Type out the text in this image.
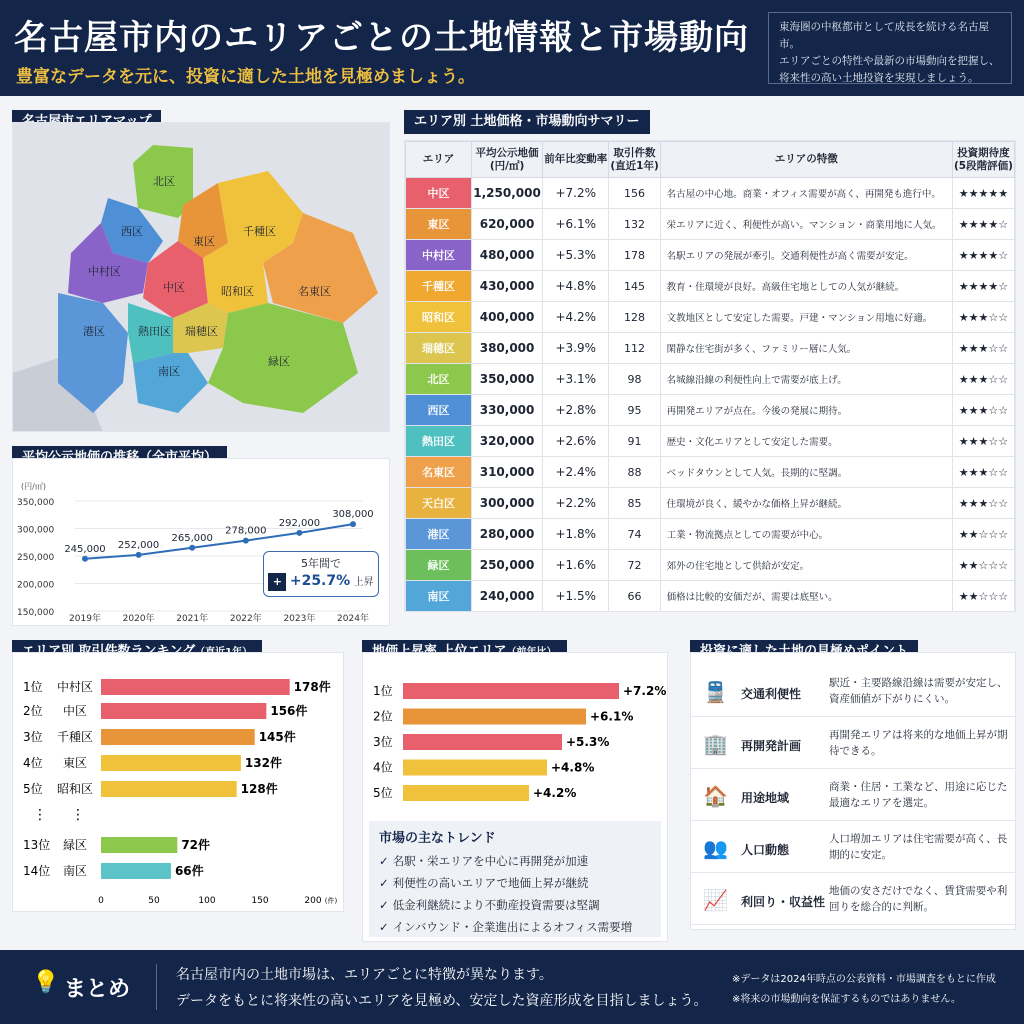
名古屋市内のエリアごとの土地情報と市場動向
豊富なデータを元に、投資に適した土地を見極めましょう。
東海圏の中枢都市として成長を続ける名古屋市。
エリアごとの特性や最新の市場動向を把握し、
将来性の高い土地投資を実現しましょう。
北区
西区
東区
千種区
中村区
中区	昭和区	名東区
港区	熱田区 瑞穂区
南区
緑区
(円/㎡)
150,000
200,000
250,000
300,000
350,000
245,000
2019年
252,000
2020年
265,000
2021年
278,000
2022年
292,000
2023年
308,000
2024年
5年間で
+ +25.7% 上昇
エリア別 土地価格・市場動向サマリー
エリア	平均公示地価
(円/㎡)	前年比変動率	取引件数
(直近1年)	エリアの特徴	投資期待度
(5段階評価)
中区	1,250,000	+7.2%	156	名古屋の中心地。商業・オフィス需要が高く、再開発も進行中。	★★★★★
東区	620,000	+6.1%	132	栄エリアに近く、利便性が高い。マンション・商業用地に人気。	★★★★☆
中村区	480,000	+5.3%	178	名駅エリアの発展が牽引。交通利便性が高く需要が安定。	★★★★☆
千種区	430,000	+4.8%	145	教育・住環境が良好。高級住宅地としての人気が継続。	★★★★☆
昭和区	400,000	+4.2%	128	文教地区として安定した需要。戸建・マンション用地に好適。	★★★☆☆
瑞穂区	380,000	+3.9%	112	閑静な住宅街が多く、ファミリー層に人気。	★★★☆☆
北区	350,000	+3.1%	98	名城線沿線の利便性向上で需要が底上げ。	★★★☆☆
西区	330,000	+2.8%	95	再開発エリアが点在。今後の発展に期待。	★★★☆☆
熱田区	320,000	+2.6%	91	歴史・文化エリアとして安定した需要。	★★★☆☆
名東区	310,000	+2.4%	88	ベッドタウンとして人気。長期的に堅調。	★★★☆☆
天白区	300,000	+2.2%	85	住環境が良く、緩やかな価格上昇が継続。	★★★☆☆
港区	280,000	+1.8%	74	工業・物流拠点としての需要が中心。	★★☆☆☆
緑区	250,000	+1.6%	72	郊外の住宅地として供給が安定。	★★☆☆☆
南区	240,000	+1.5%	66	価格は比較的安価だが、需要は底堅い。	★★☆☆☆
1位 中村区	178件
2位 中区	156件
3位 千種区	145件
4位 東区	132件
5位 昭和区	128件
13位 緑区	72件
14位 南区	66件
⋮ ⋮
0	50	100	150	200 (件)
1位	+7.2%
2位	+6.1%
3位	+5.3%
4位	+4.8%
5位	+4.2%
市場の主なトレンド
✓ 名駅・栄エリアを中心に再開発が加速
✓ 利便性の高いエリアで地価上昇が継続
✓ 低金利継続により不動産投資需要は堅調
✓ インバウンド・企業進出によるオフィス需要増
🚆 交通利便性
駅近・主要路線沿線は需要が安定し、資産価値が下がりにくい。
🏢 再開発計画
再開発エリアは将来的な地価上昇が期待できる。
🏠 用途地域
商業・住居・工業など、用途に応じた最適なエリアを選定。
👥 人口動態
人口増加エリアは住宅需要が高く、長期的に安定。
📈 利回り・収益性
地価の安さだけでなく、賃貸需要や利回りを総合的に判断。
💡 まとめ
名古屋市内の土地市場は、エリアごとに特徴が異なります。
データをもとに将来性の高いエリアを見極め、安定した資産形成を目指しましょう。
※データは2024年時点の公表資料・市場調査をもとに作成
※将来の市場動向を保証するものではありません。
